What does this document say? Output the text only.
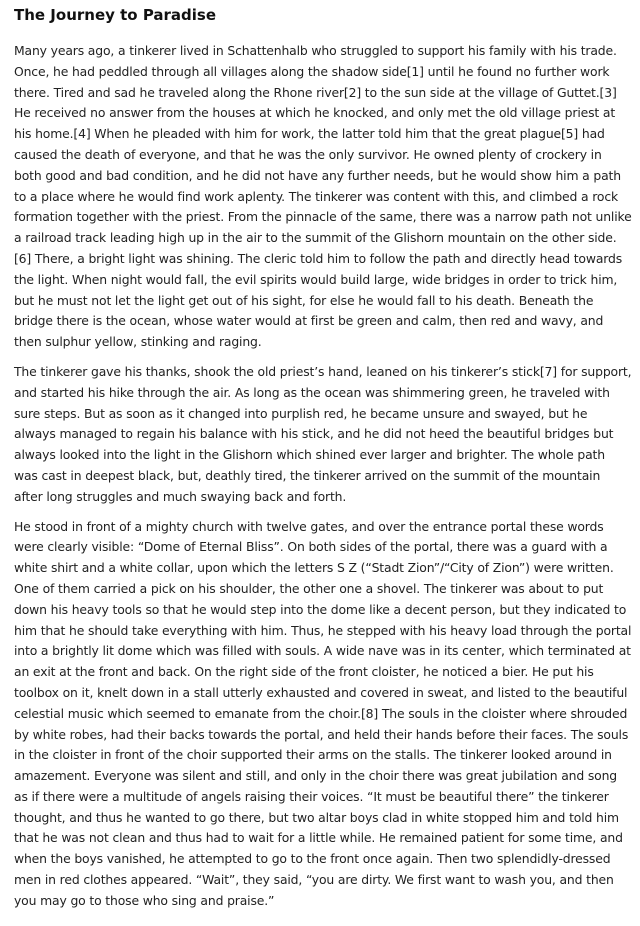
The Journey to Paradise

Many years ago, a tinkerer lived in Schattenhalb who struggled to support his family with his trade. Once, he had peddled through all villages along the shadow side[1] until he found no further work there. Tired and sad he traveled along the Rhone river[2] to the sun side at the village of Guttet.[3] He received no answer from the houses at which he knocked, and only met the old village priest at his home.[4] When he pleaded with him for work, the latter told him that the great plague[5] had caused the death of everyone, and that he was the only survivor. He owned plenty of crockery in both good and bad condition, and he did not have any further needs, but he would show him a path to a place where he would find work aplenty. The tinkerer was content with this, and climbed a rock formation together with the priest. From the pinnacle of the same, there was a narrow path not unlike a railroad track leading high up in the air to the summit of the Glishorn mountain on the other side.[6] There, a bright light was shining. The cleric told him to follow the path and directly head towards the light. When night would fall, the evil spirits would build large, wide bridges in order to trick him, but he must not let the light get out of his sight, for else he would fall to his death. Beneath the bridge there is the ocean, whose water would at first be green and calm, then red and wavy, and then sulphur yellow, stinking and raging.

The tinkerer gave his thanks, shook the old priest’s hand, leaned on his tinkerer’s stick[7] for support, and started his hike through the air. As long as the ocean was shimmering green, he traveled with sure steps. But as soon as it changed into purplish red, he became unsure and swayed, but he always managed to regain his balance with his stick, and he did not heed the beautiful bridges but always looked into the light in the Glishorn which shined ever larger and brighter. The whole path was cast in deepest black, but, deathly tired, the tinkerer arrived on the summit of the mountain after long struggles and much swaying back and forth.

He stood in front of a mighty church with twelve gates, and over the entrance portal these words were clearly visible: “Dome of Eternal Bliss”. On both sides of the portal, there was a guard with a white shirt and a white collar, upon which the letters S Z (“Stadt Zion”/“City of Zion”) were written. One of them carried a pick on his shoulder, the other one a shovel. The tinkerer was about to put down his heavy tools so that he would step into the dome like a decent person, but they indicated to him that he should take everything with him. Thus, he stepped with his heavy load through the portal into a brightly lit dome which was filled with souls. A wide nave was in its center, which terminated at an exit at the front and back. On the right side of the front cloister, he noticed a bier. He put his toolbox on it, knelt down in a stall utterly exhausted and covered in sweat, and listed to the beautiful celestial music which seemed to emanate from the choir.[8] The souls in the cloister where shrouded by white robes, had their backs towards the portal, and held their hands before their faces. The souls in the cloister in front of the choir supported their arms on the stalls. The tinkerer looked around in amazement. Everyone was silent and still, and only in the choir there was great jubilation and song as if there were a multitude of angels raising their voices. “It must be beautiful there” the tinkerer thought, and thus he wanted to go there, but two altar boys clad in white stopped him and told him that he was not clean and thus had to wait for a little while. He remained patient for some time, and when the boys vanished, he attempted to go to the front once again. Then two splendidly-dressed men in red clothes appeared. “Wait”, they said, “you are dirty. We first want to wash you, and then you may go to those who sing and praise.”
